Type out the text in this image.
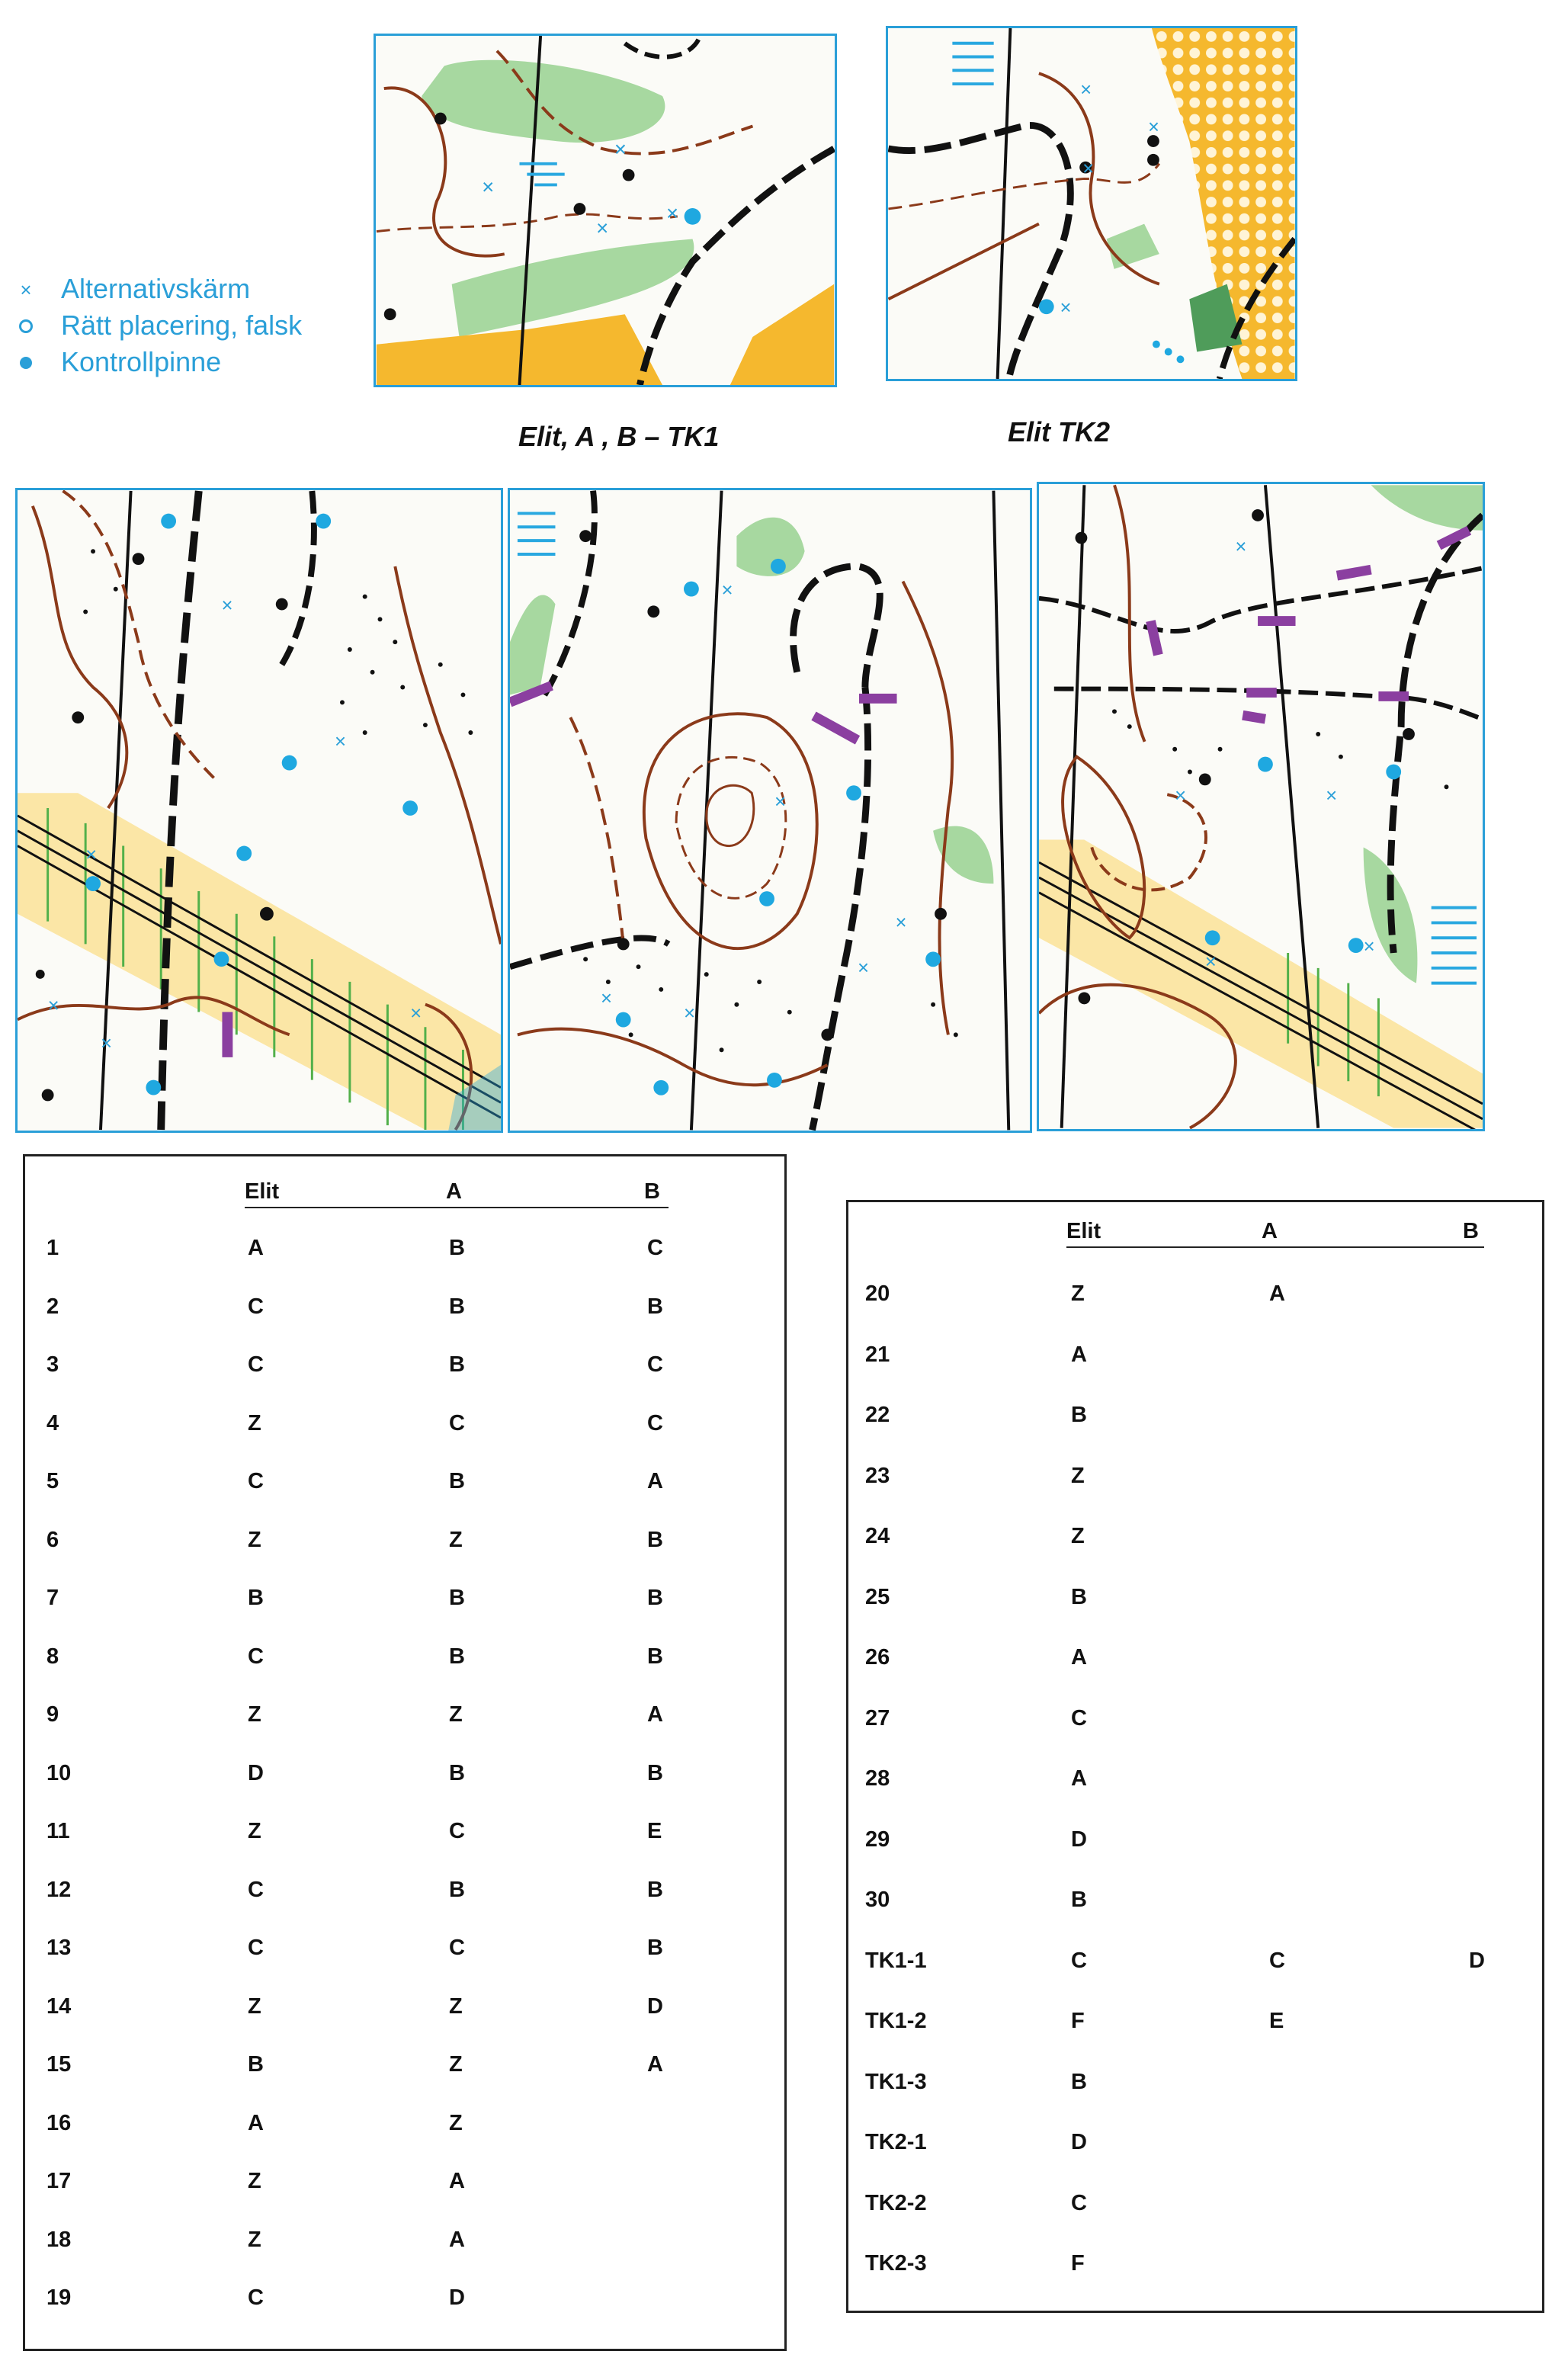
× Alternativskärm
Rätt placering, falsk
Kontrollpinne
×
×
×
×
×
×
×
×
Elit, A , B – TK1	Elit TK2
×
×
×
×
×
×
×
×
×
×
×
×
×
×	×
×
×
Elit	A	B
1	A	B	C
2	C	B	B
3	C	B	C
4	Z	C	C
5	C	B	A
6	Z	Z	B
7	B	B	B
8	C	B	B
9	Z	Z	A
10	D	B	B
11	Z	C	E
12	C	B	B
13	C	C	B
14	Z	Z	D
15	B	Z	A
16	A	Z
17	Z	A
18	Z	A
19	C	D
Elit	A	B
20	Z	A
21	A
22	B
23	Z
24	Z
25	B
26	A
27	C
28	A
29	D
30	B
TK1-1	C	C	D
TK1-2	F	E
TK1-3	B
TK2-1	D
TK2-2	C
TK2-3	F
